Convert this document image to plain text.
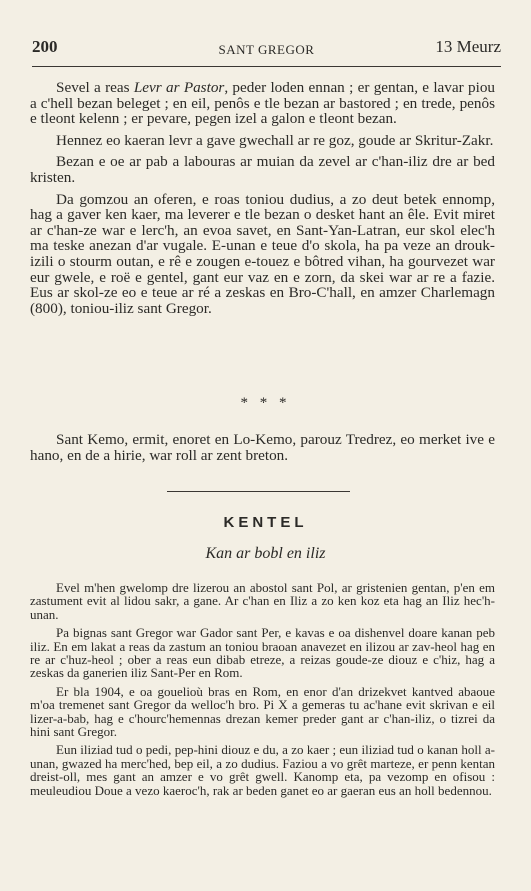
200	SANT GREGOR	13 Meurz

Sevel a reas Levr ar Pastor, peder loden ennan ; er gentan, e lavar piou a c'hell bezan beleget ; en eil, penôs e tle bezan ar bastored ; en trede, penôs e tleont kelenn ; er pevare, pegen izel a galon e tleont bezan.

Hennez eo kaeran levr a gave gwechall ar re goz, goude ar Skritur-Zakr.

Bezan e oe ar pab a labouras ar muian da zevel ar c'han-iliz dre ar bed kristen.

Da gomzou an oferen, e roas toniou dudius, a zo deut betek ennomp, hag a gaver ken kaer, ma leverer e tle bezan o desket hant an êle. Evit miret ar c'han-ze war e lerc'h, an evoa savet, en Sant-Yan-Latran, eur skol elec'h ma teske anezan d'ar vugale. E-unan e teue d'o skola, ha pa veze an drouk-izili o stourm outan, e rê e zougen e-touez e bôtred vihan, ha gourvezet war eur gwele, e roë e gentel, gant eur vaz en e zorn, da skei war ar re a fazie. Eus ar skol-ze eo e teue ar ré a zeskas en Bro-C'hall, en amzer Charlemagn (800), toniou-iliz sant Gregor.

* * *

Sant Kemo, ermit, enoret en Lo-Kemo, parouz Tredrez, eo merket ive e hano, en de a hirie, war roll ar zent breton.

KENTEL
Kan ar bobl en iliz

Evel m'hen gwelomp dre lizerou an abostol sant Pol, ar gristenien gentan, p'en em zastument evit al lidou sakr, a gane. Ar c'han en Iliz a zo ken koz eta hag an Iliz hec'h-unan.

Pa bignas sant Gregor war Gador sant Per, e kavas e oa dishenvel doare kanan peb iliz. En em lakat a reas da zastum an toniou braoan anavezet en ilizou ar zav-heol hag en re ar c'huz-heol ; ober a reas eun dibab etreze, a reizas goude-ze diouz e c'hiz, hag a zeskas da ganerien iliz Sant-Per en Rom.

Er bla 1904, e oa gouelioù bras en Rom, en enor d'an drizekvet kantved abaoue m'oa tremenet sant Gregor da welloc'h bro. Pi X a gemeras tu ac'hane evit skrivan e eil lizer-a-bab, hag e c'hourc'hemennas drezan kemer preder gant ar c'han-iliz, o tizrei da hini sant Gregor.

Eun iliziad tud o pedi, pep-hini diouz e du, a zo kaer ; eun iliziad tud o kanan holl a-unan, gwazed ha merc'hed, bep eil, a zo dudius. Faziou a vo grêt marteze, er penn kentan dreist-oll, mes gant an amzer e vo grêt gwell. Kanomp eta, pa vezomp en ofisou : meuleudiou Doue a vezo kaeroc'h, rak ar beden ganet eo ar gaeran eus an holl bedennou.
